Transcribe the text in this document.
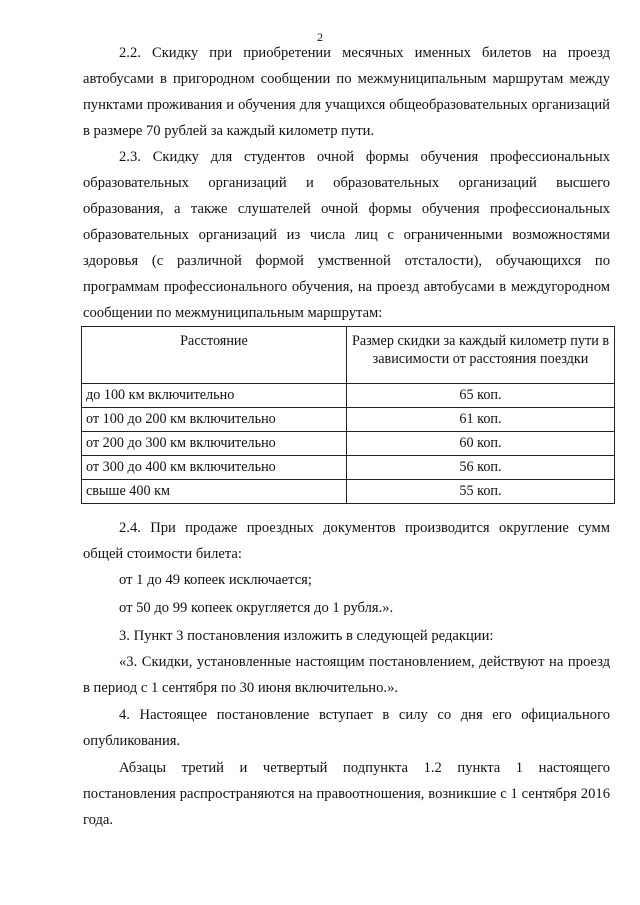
2
2.2. Скидку при приобретении месячных именных билетов на проезд автобусами в пригородном сообщении по межмуниципальным маршрутам между пунктами проживания и обучения для учащихся общеобразовательных организаций в размере 70 рублей за каждый километр пути.
2.3. Скидку для студентов очной формы обучения профессиональных образовательных организаций и образовательных организаций высшего образования, а также слушателей очной формы обучения профессиональных образовательных организаций из числа лиц с ограниченными возможностями здоровья (с различной формой умственной отсталости), обучающихся по программам профессионального обучения, на проезд автобусами в междугородном сообщении по межмуниципальным маршрутам:
Расстояние	Размер скидки за каждый километр пути в зависимости от расстояния поездки
до 100 км включительно	65 коп.
от 100 до 200 км включительно	61 коп.
от 200 до 300 км включительно	60 коп.
от 300 до 400 км включительно	56 коп.
свыше 400 км	55 коп.
2.4. При продаже проездных документов производится округление сумм общей стоимости билета:
от 1 до 49 копеек исключается;
от 50 до 99 копеек округляется до 1 рубля.».
3. Пункт 3 постановления изложить в следующей редакции:
«3. Скидки, установленные настоящим постановлением, действуют на проезд в период с 1 сентября по 30 июня включительно.».
4. Настоящее постановление вступает в силу со дня его официального опубликования.
Абзацы третий и четвертый подпункта 1.2 пункта 1 настоящего постановления распространяются на правоотношения, возникшие с 1 сентября 2016 года.
